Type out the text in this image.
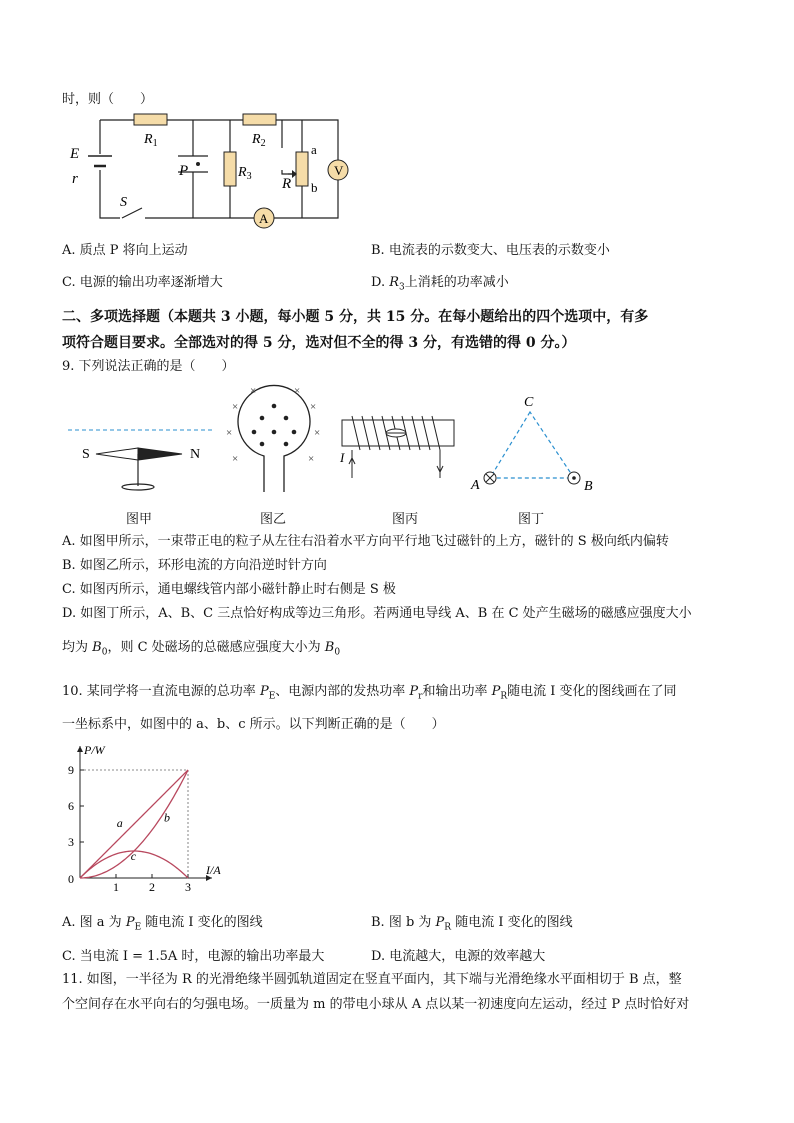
时，则（　　）
V
A
E
r
S
$R_1$	$R_2$
$R_3$
P
R
a
b
A. 质点 P 将向上运动	B. 电流表的示数变大、电压表的示数变小
C. 电源的输出功率逐渐增大	D. $R_3$上消耗的功率减小
二、多项选择题（本题共 3 小题，每小题 5 分，共 15 分。在每小题给出的四个选项中，有多
项符合题目要求。全部选对的得 5 分，选对但不全的得 3 分，有选错的得 0 分。）
9. 下列说法正确的是（　　）
S	N
图甲
×
×	×
×
×	×
×	×
图乙
I
图丙
C
A	B
图丁
A. 如图甲所示，一束带正电的粒子从左往右沿着水平方向平行地飞过磁针的上方，磁针的 S 极向纸内偏转
B. 如图乙所示，环形电流的方向沿逆时针方向
C. 如图丙所示，通电螺线管内部小磁针静止时右侧是 S 极
D. 如图丁所示，A、B、C 三点恰好构成等边三角形。若两通电导线 A、B 在 C 处产生磁场的磁感应强度大小
均为 $B_0$，则 C 处磁场的总磁感应强度大小为 $B_0$
10. 某同学将一直流电源的总功率 $P_E$、电源内部的发热功率 $P_r$和输出功率 $P_R$随电流 I 变化的图线画在了同
一坐标系中，如图中的 a、b、c 所示。以下判断正确的是（　　）
3
6
9
1	2	3
0
I/A
P/W
a	b
c
A. 图 a 为 $P_E$ 随电流 I 变化的图线	B. 图 b 为 $P_R$ 随电流 I 变化的图线
C. 当电流 I = 1.5A 时，电源的输出功率最大	D. 电流越大，电源的效率越大
11. 如图，一半径为 R 的光滑绝缘半圆弧轨道固定在竖直平面内，其下端与光滑绝缘水平面相切于 B 点，整
个空间存在水平向右的匀强电场。一质量为 m 的带电小球从 A 点以某一初速度向左运动，经过 P 点时恰好对
